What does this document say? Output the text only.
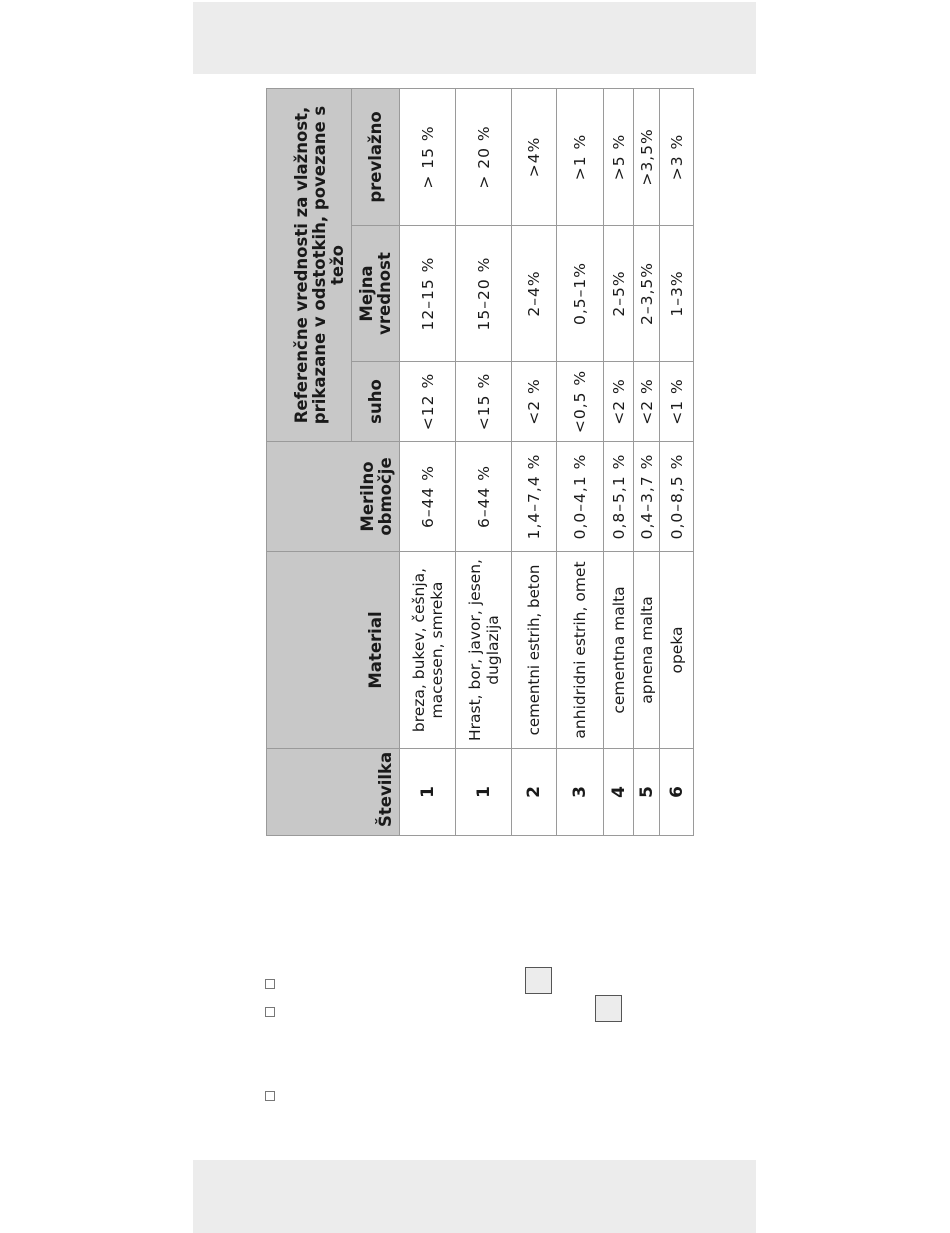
Številka	Material	Merilno območje	Referenčne vrednosti za vlažnost, prikazane v odstotkih, povezane s težo		
			suho	Mejna vrednost	prevlažno
1	breza, bukev, češnja, macesen, smreka	6–44 %	<12 %	12–15 %	> 15 %
1	Hrast, bor, javor, jesen, duglazija	6–44 %	<15 %	15–20 %	> 20 %
2	cementni estrih, beton	1,4–7,4 %	<2 %	2–4%	>4%
3	anhidridni estrih, omet	0,0–4,1 %	<0,5 %	0,5–1%	>1 %
4	cementna malta	0,8–5,1 %	<2 %	2–5%	>5 %
5	apnena malta	0,4–3,7 %	<2 %	2–3,5%	>3,5%
6	opeka	0,0–8,5 %	<1 %	1–3%	>3 %
